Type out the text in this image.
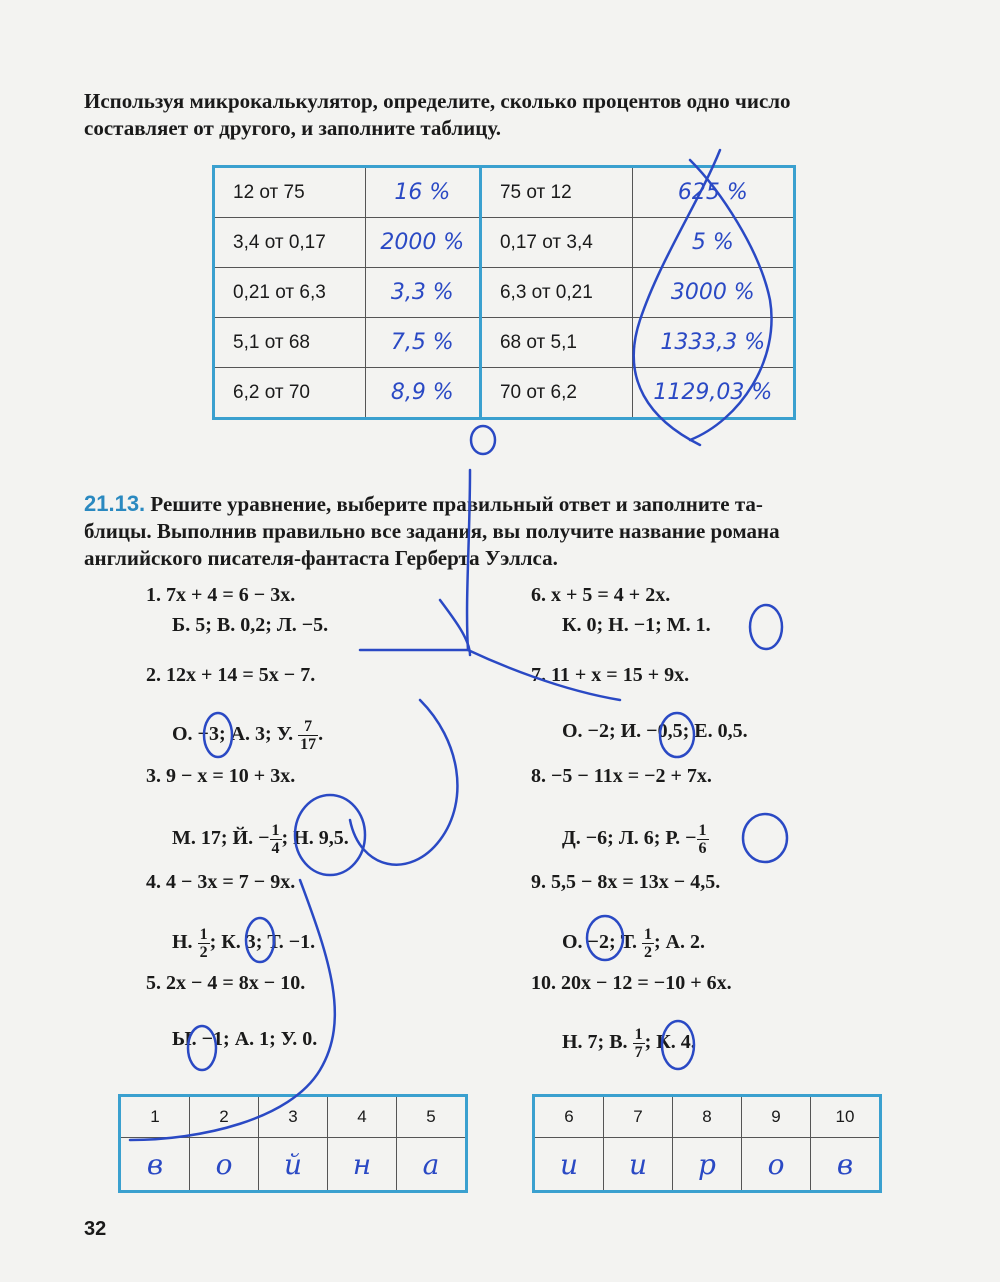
Используя микрокалькулятор, определите, сколько процентов одно число
составляет от другого, и заполните таблицу.
12 от 75	16 %	75 от 12	625 %
3,4 от 0,17	2000 %	0,17 от 3,4	5 %
0,21 от 6,3	3,3 %	6,3 от 0,21	3000 %
5,1 от 68	7,5 %	68 от 5,1	1333,3 %
6,2 от 70	8,9 %	70 от 6,2	1129,03 %
21.13. Решите уравнение, выберите правильный ответ и заполните та-
блицы. Выполнив правильно все задания, вы получите название романа
английского писателя-фантаста Герберта Уэллса.
1. 7x + 4 = 6 − 3x.
Б. 5; В. 0,2; Л. −5.
2. 12x + 14 = 5x − 7.
О. −3; А. 3; У. $\frac{7}{17}$ .
3. 9 − x = 10 + 3x.
М. 17; Й. − $\frac{1}{4}$ ; Н. 9,5.
4. 4 − 3x = 7 − 9x.
Н. $\frac{1}{2}$ ; К. 3; Т. −1.
5. 2x − 4 = 8x − 10.
Ы. −1; А. 1; У. 0.
6. x + 5 = 4 + 2x.
К. 0; Н. −1; М. 1.
7. 11 + x = 15 + 9x.
О. −2; И. −0,5; Е. 0,5.
8. −5 − 11x = −2 + 7x.
Д. −6; Л. 6; Р. − $\frac{1}{6}$
9. 5,5 − 8x = 13x − 4,5.
О. −2; Т. $\frac{1}{2}$ ; А. 2.
10. 20x − 12 = −10 + 6x.
Н. 7; В. $\frac{1}{7}$ ; К. 4.
1	2	3	4	5
в	о	й	н	а
6	7	8	9	10
и	и	р	о	в
32
